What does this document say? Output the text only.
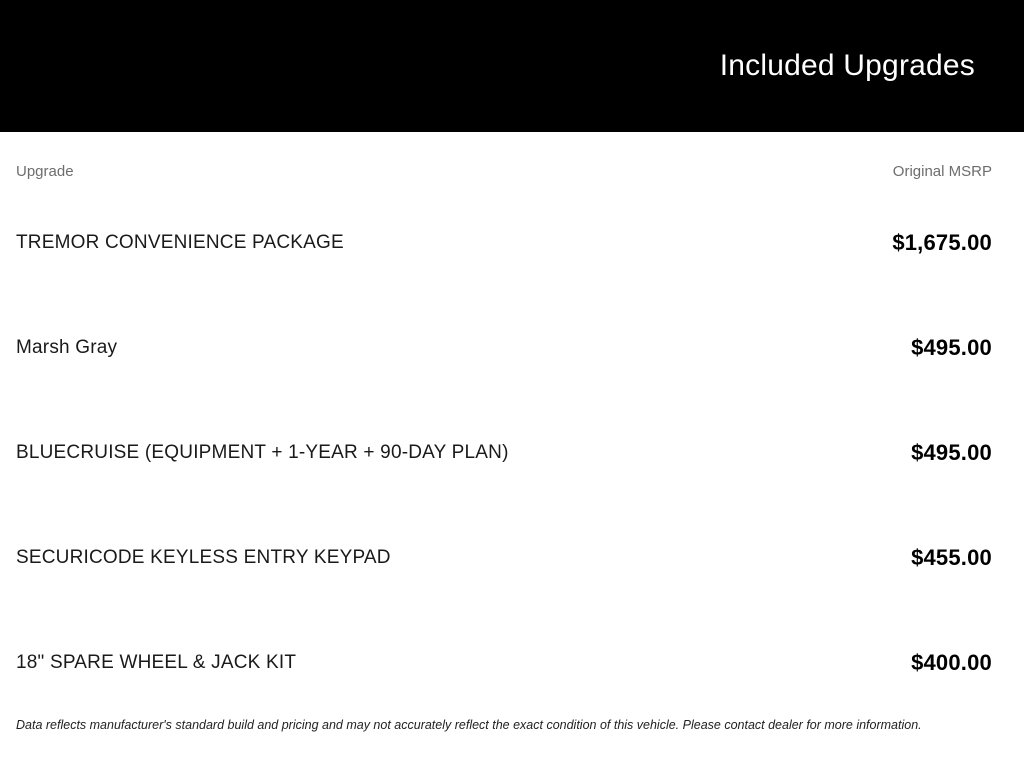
Included Upgrades
Upgrade	Original MSRP
TREMOR CONVENIENCE PACKAGE	$1,675.00
Marsh Gray	$495.00
BLUECRUISE (EQUIPMENT + 1-YEAR + 90-DAY PLAN)	$495.00
SECURICODE KEYLESS ENTRY KEYPAD	$455.00
18" SPARE WHEEL & JACK KIT	$400.00
Data reflects manufacturer's standard build and pricing and may not accurately reflect the exact condition of this vehicle. Please contact dealer for more information.
